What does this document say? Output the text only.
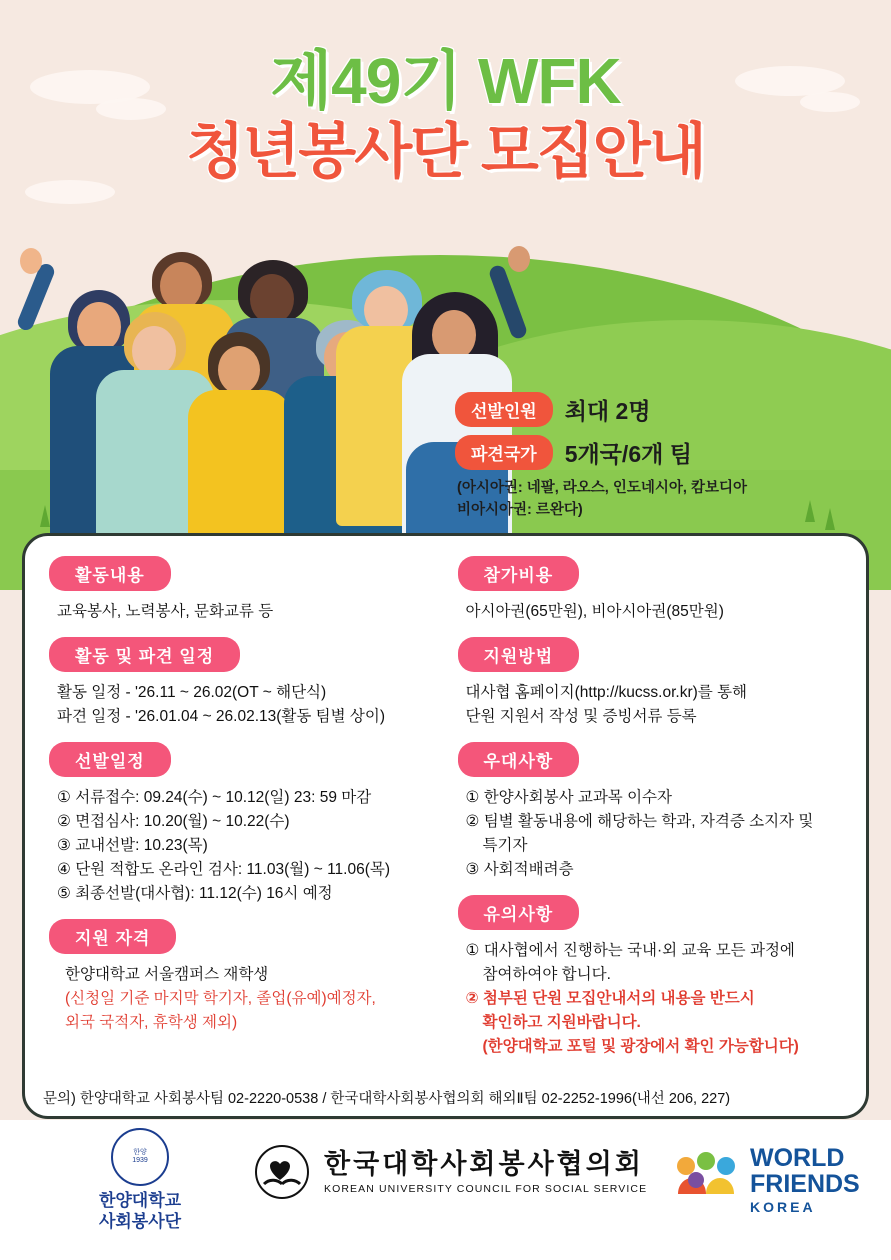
제49기 WFK
청년봉사단 모집안내
선발인원	최대 2명
파견국가	5개국/6개 팀
(아시아권: 네팔, 라오스, 인도네시아, 캄보디아
비아시아권: 르완다)
활동내용
교육봉사, 노력봉사, 문화교류 등
활동 및 파견 일정
활동 일정 - '26.11 ~ 26.02(OT ~ 해단식)
파견 일정 - '26.01.04 ~ 26.02.13(활동 팀별 상이)
선발일정
① 서류접수: 09.24(수) ~ 10.12(일) 23: 59 마감
② 면접심사: 10.20(월) ~ 10.22(수)
③ 교내선발: 10.23(목)
④ 단원 적합도 온라인 검사: 11.03(월) ~ 11.06(목)
⑤ 최종선발(대사협): 11.12(수) 16시 예정
지원 자격
한양대학교 서울캠퍼스 재학생
(신청일 기준 마지막 학기자, 졸업(유예)예정자,
외국 국적자, 휴학생 제외)
참가비용
아시아권(65만원), 비아시아권(85만원)
지원방법
대사협 홈페이지(http://kucss.or.kr)를 통해
단원 지원서 작성 및 증빙서류 등록
우대사항
① 한양사회봉사 교과목 이수자
② 팀별 활동내용에 해당하는 학과, 자격증 소지자 및
특기자
③ 사회적배려층
유의사항
① 대사협에서 진행하는 국내·외 교육 모든 과정에
참여하여야 합니다.
② 첨부된 단원 모집안내서의 내용을 반드시
확인하고 지원바랍니다.
(한양대학교 포털 및 광장에서 확인 가능합니다)
문의) 한양대학교 사회봉사팀 02-2220-0538 / 한국대학사회봉사협의회 해외Ⅱ팀 02-2252-1996(내선 206, 227)
한양
1939
한양대학교
사회봉사단
한국대학사회봉사협의회
KOREAN UNIVERSITY COUNCIL FOR SOCIAL SERVICE
WORLD
FRIENDS
KOREA
